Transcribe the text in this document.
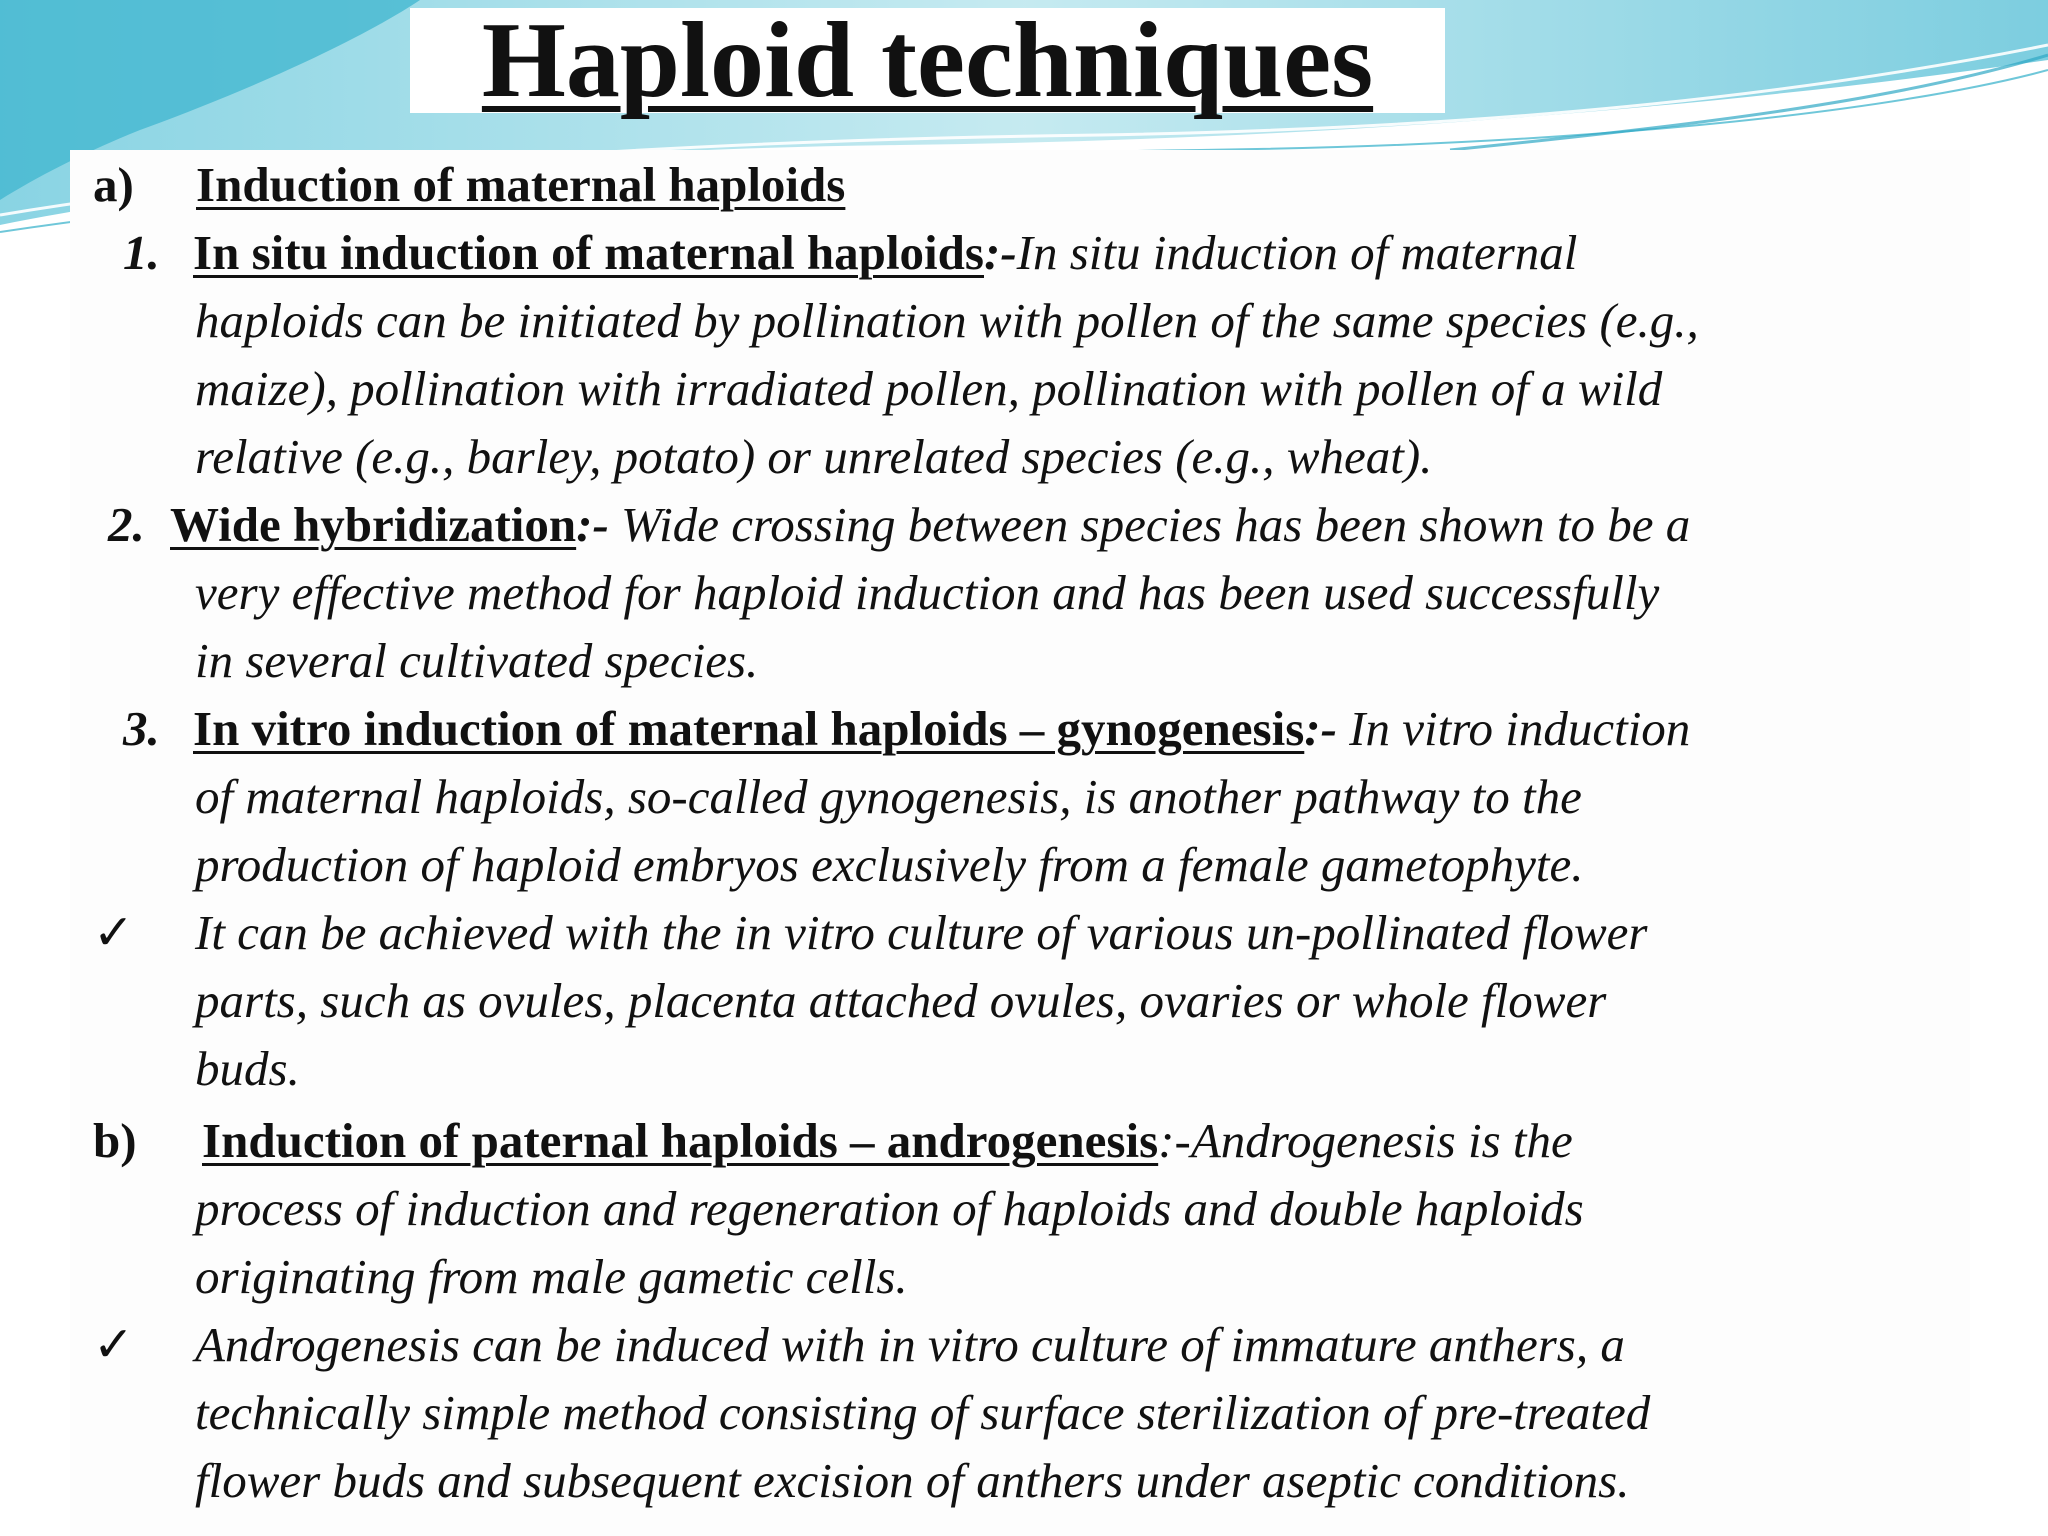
Haploid techniques
a) Induction of maternal haploids
1. In situ induction of maternal haploids:-In situ induction of maternal
haploids can be initiated by pollination with pollen of the same species (e.g.,
maize), pollination with irradiated pollen, pollination with pollen of a wild
relative (e.g., barley, potato) or unrelated species (e.g., wheat).
2. Wide hybridization:- Wide crossing between species has been shown to be a
very effective method for haploid induction and has been used successfully
in several cultivated species.
3. In vitro induction of maternal haploids – gynogenesis:- In vitro induction
of maternal haploids, so-called gynogenesis, is another pathway to the
production of haploid embryos exclusively from a female gametophyte.
✓ It can be achieved with the in vitro culture of various un-pollinated flower
parts, such as ovules, placenta attached ovules, ovaries or whole flower
buds.
b) Induction of paternal haploids – androgenesis:-Androgenesis is the
process of induction and regeneration of haploids and double haploids
originating from male gametic cells.
✓ Androgenesis can be induced with in vitro culture of immature anthers, a
technically simple method consisting of surface sterilization of pre-treated
flower buds and subsequent excision of anthers under aseptic conditions.
